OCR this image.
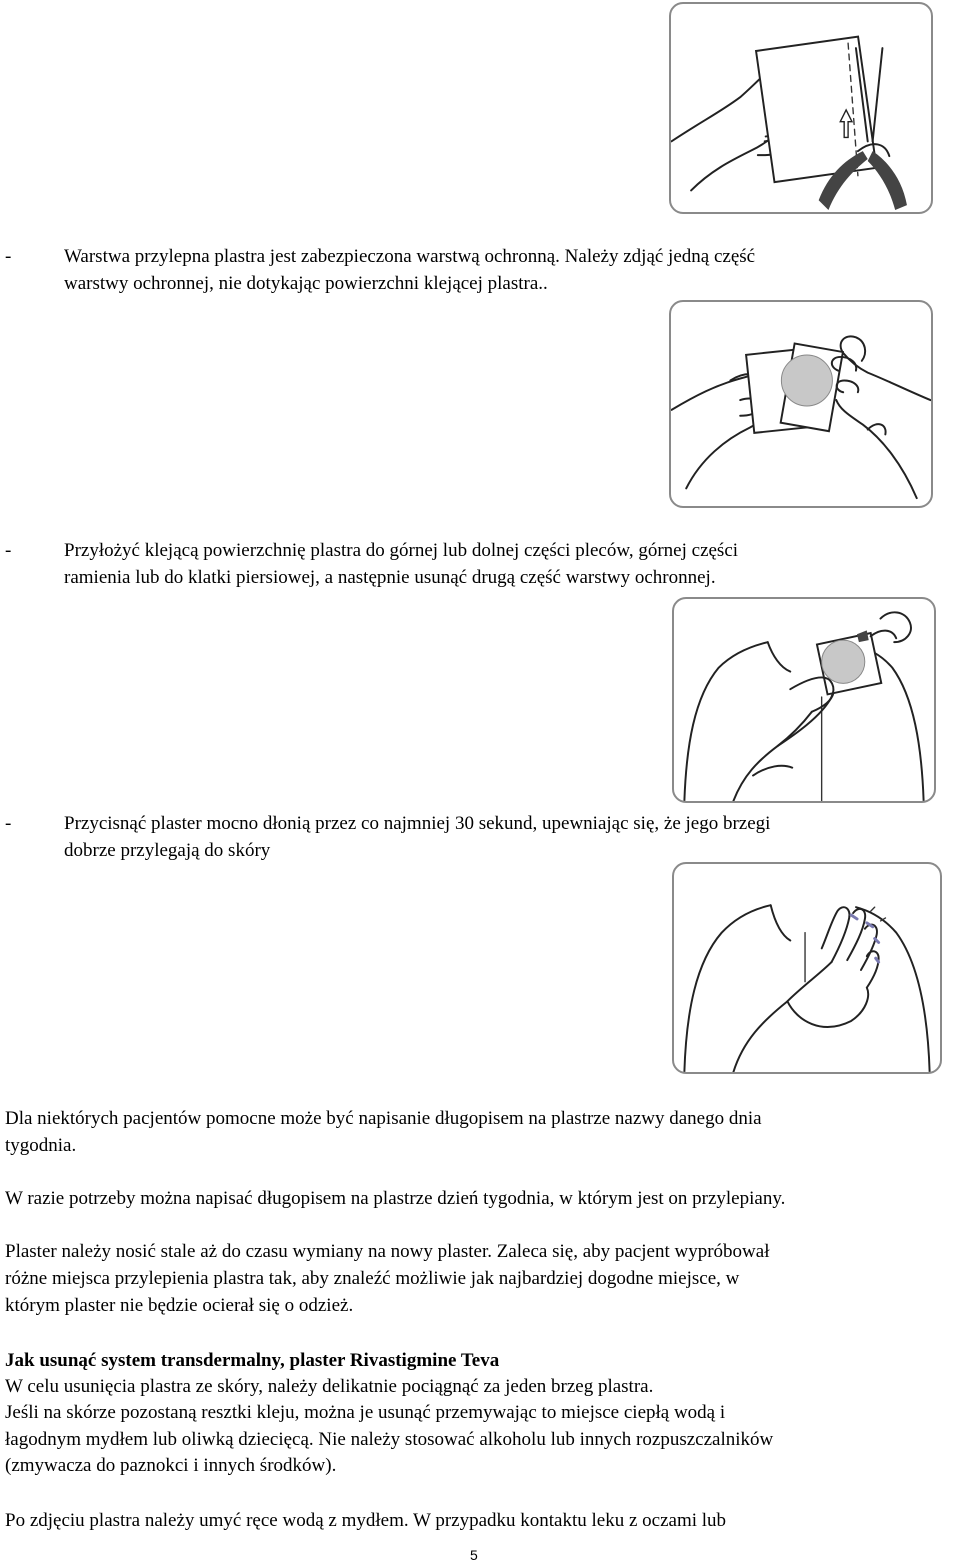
-	Warstwa przylepna plastra jest zabezpieczona warstwą ochronną. Należy zdjąć jedną część
warstwy ochronnej, nie dotykając powierzchni klejącej plastra..
-	Przyłożyć klejącą powierzchnię plastra do górnej lub dolnej części pleców, górnej części
ramienia lub do klatki piersiowej, a następnie usunąć drugą część warstwy ochronnej.
-	Przycisnąć plaster mocno dłonią przez co najmniej 30 sekund, upewniając się, że jego brzegi
dobrze przylegają do skóry
Dla niektórych pacjentów pomocne może być napisanie długopisem na plastrze nazwy danego dnia
tygodnia.
W razie potrzeby można napisać długopisem na plastrze dzień tygodnia, w którym jest on przylepiany.
Plaster należy nosić stale aż do czasu wymiany na nowy plaster. Zaleca się, aby pacjent wypróbował
różne miejsca przylepienia plastra tak, aby znaleźć możliwie jak najbardziej dogodne miejsce, w
którym plaster nie będzie ocierał się o odzież.
Jak usunąć system transdermalny, plaster Rivastigmine Teva
W celu usunięcia plastra ze skóry, należy delikatnie pociągnąć za jeden brzeg plastra.
Jeśli na skórze pozostaną resztki kleju, można je usunąć przemywając to miejsce ciepłą wodą i
łagodnym mydłem lub oliwką dziecięcą. Nie należy stosować alkoholu lub innych rozpuszczalników
(zmywacza do paznokci i innych środków).
Po zdjęciu plastra należy umyć ręce wodą z mydłem. W przypadku kontaktu leku z oczami lub
5
